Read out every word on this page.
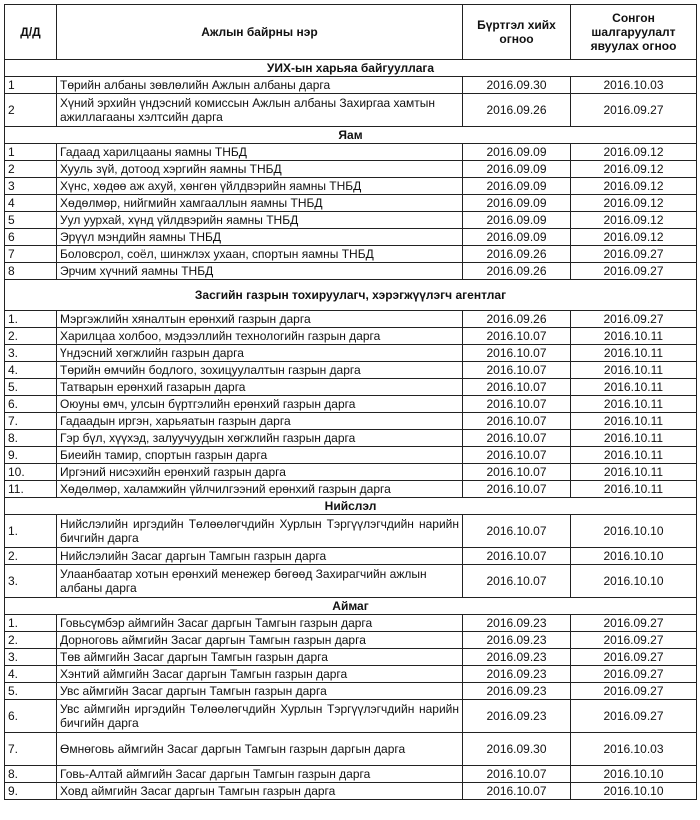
Д/Д	Ажлын байрны нэр	Бүртгэл хийх огноо	Сонгон шалгаруулалт явуулах огноо
УИХ-ын харьяа байгууллага			
1	Төрийн албаны зөвлөлийн Ажлын албаны дарга	2016.09.30	2016.10.03
2	Хүний эрхийн үндэсний комиссын Ажлын албаны Захиргаа хамтын ажиллагааны хэлтсийн дарга	2016.09.26	2016.09.27
Яам			
1	Гадаад харилцааны яамны ТНБД	2016.09.09	2016.09.12
2	Хууль зүй, дотоод хэргийн яамны ТНБД	2016.09.09	2016.09.12
3	Хүнс, хөдөө аж ахуй, хөнгөн үйлдвэрийн яамны ТНБД	2016.09.09	2016.09.12
4	Хөдөлмөр, нийгмийн хамгааллын яамны ТНБД	2016.09.09	2016.09.12
5	Уул уурхай, хүнд үйлдвэрийн яамны ТНБД	2016.09.09	2016.09.12
6	Эрүүл мэндийн яамны ТНБД	2016.09.09	2016.09.12
7	Боловсрол, соёл, шинжлэх ухаан, спортын яамны ТНБД	2016.09.26	2016.09.27
8	Эрчим хүчний яамны ТНБД	2016.09.26	2016.09.27
Засгийн газрын тохируулагч, хэрэгжүүлэгч агентлаг			
1.	Мэргэжлийн хяналтын ерөнхий газрын дарга	2016.09.26	2016.09.27
2.	Харилцаа холбоо, мэдээллийн технологийн газрын дарга	2016.10.07	2016.10.11
3.	Үндэсний хөгжлийн газрын дарга	2016.10.07	2016.10.11
4.	Төрийн өмчийн бодлого, зохицуулалтын газрын дарга	2016.10.07	2016.10.11
5.	Татварын ерөнхий газарын дарга	2016.10.07	2016.10.11
6.	Оюуны өмч, улсын бүртгэлийн ерөнхий газрын дарга	2016.10.07	2016.10.11
7.	Гадаадын иргэн, харьяатын газрын дарга	2016.10.07	2016.10.11
8.	Гэр бүл, хүүхэд, залуучуудын хөгжлийн газрын дарга	2016.10.07	2016.10.11
9.	Биеийн тамир, спортын газрын дарга	2016.10.07	2016.10.11
10.	Иргэний нисэхийн ерөнхий газрын дарга	2016.10.07	2016.10.11
11.	Хөдөлмөр, халамжийн үйлчилгээний ерөнхий газрын дарга	2016.10.07	2016.10.11
Нийслэл			
1.	Нийслэлийн иргэдийн Төлөөлөгчдийн Хурлын Тэргүүлэгчдийн нарийн бичгийн дарга	2016.10.07	2016.10.10
2.	Нийслэлийн Засаг даргын Тамгын газрын дарга	2016.10.07	2016.10.10
3.	Улаанбаатар хотын ерөнхий менежер бөгөөд Захирагчийн ажлын албаны дарга	2016.10.07	2016.10.10
Аймаг			
1.	Говьсүмбэр аймгийн Засаг даргын Тамгын газрын дарга	2016.09.23	2016.09.27
2.	Дорноговь аймгийн Засаг даргын Тамгын газрын дарга	2016.09.23	2016.09.27
3.	Төв аймгийн Засаг даргын Тамгын газрын дарга	2016.09.23	2016.09.27
4.	Хэнтий аймгийн Засаг даргын Тамгын газрын дарга	2016.09.23	2016.09.27
5.	Увс аймгийн Засаг даргын Тамгын газрын дарга	2016.09.23	2016.09.27
6.	Увс аймгийн иргэдийн Төлөөлөгчдийн Хурлын Тэргүүлэгчдийн нарийн бичгийн дарга	2016.09.23	2016.09.27
7.	Өмнөговь аймгийн Засаг даргын Тамгын газрын даргын дарга	2016.09.30	2016.10.03
8.	Говь-Алтай аймгийн Засаг даргын Тамгын газрын дарга	2016.10.07	2016.10.10
9.	Ховд аймгийн Засаг даргын Тамгын газрын дарга	2016.10.07	2016.10.10
